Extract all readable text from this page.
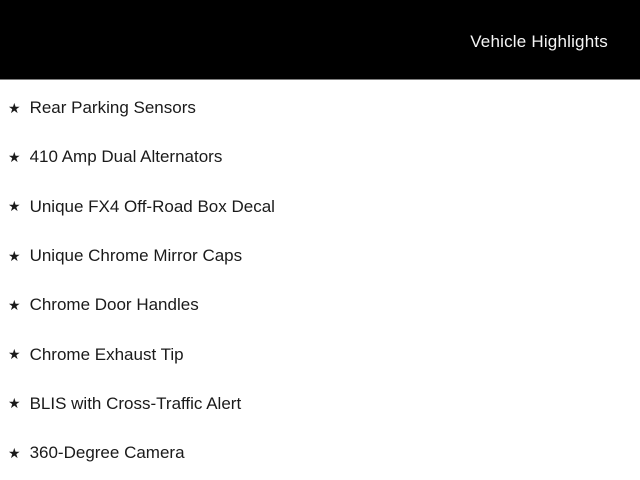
Vehicle Highlights
★ Rear Parking Sensors
★ 410 Amp Dual Alternators
★ Unique FX4 Off-Road Box Decal
★ Unique Chrome Mirror Caps
★ Chrome Door Handles
★ Chrome Exhaust Tip
★ BLIS with Cross-Traffic Alert
★ 360-Degree Camera
